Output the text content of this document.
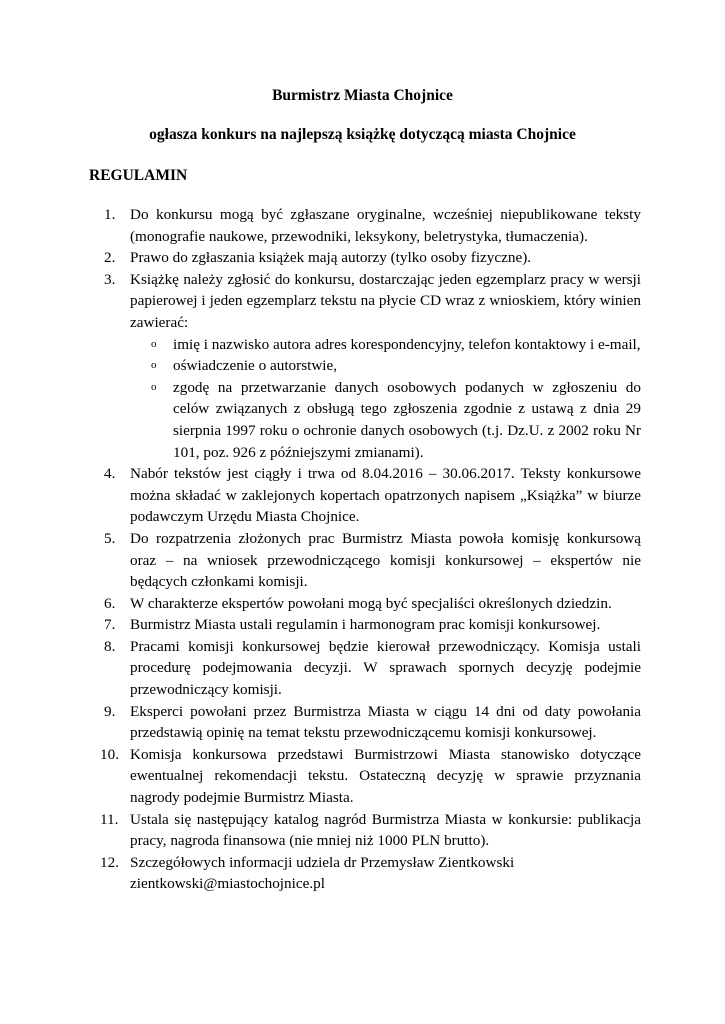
Burmistrz Miasta Chojnice
ogłasza konkurs na najlepszą książkę dotyczącą miasta Chojnice
REGULAMIN
1. Do konkursu mogą być zgłaszane oryginalne, wcześniej niepublikowane teksty (monografie naukowe, przewodniki, leksykony, beletrystyka, tłumaczenia).
2. Prawo do zgłaszania książek mają autorzy (tylko osoby fizyczne).
3. Książkę należy zgłosić do konkursu, dostarczając jeden egzemplarz pracy w wersji papierowej i jeden egzemplarz tekstu na płycie CD wraz z wnioskiem, który winien zawierać:
o imię i nazwisko autora adres korespondencyjny, telefon kontaktowy i e-mail,
o oświadczenie o autorstwie,
o zgodę na przetwarzanie danych osobowych podanych w zgłoszeniu do celów związanych z obsługą tego zgłoszenia zgodnie z ustawą z dnia 29 sierpnia 1997 roku o ochronie danych osobowych (t.j. Dz.U. z 2002 roku Nr 101, poz. 926 z późniejszymi zmianami).
4. Nabór tekstów jest ciągły i trwa od 8.04.2016 – 30.06.2017. Teksty konkursowe można składać w zaklejonych kopertach opatrzonych napisem „Książka” w biurze podawczym Urzędu Miasta Chojnice.
5. Do rozpatrzenia złożonych prac Burmistrz Miasta powoła komisję konkursową oraz – na wniosek przewodniczącego komisji konkursowej – ekspertów nie będących członkami komisji.
6. W charakterze ekspertów powołani mogą być specjaliści określonych dziedzin.
7. Burmistrz Miasta ustali regulamin i harmonogram prac komisji konkursowej.
8. Pracami komisji konkursowej będzie kierował przewodniczący. Komisja ustali procedurę podejmowania decyzji. W sprawach spornych decyzję podejmie przewodniczący komisji.
9. Eksperci powołani przez Burmistrza Miasta w ciągu 14 dni od daty powołania przedstawią opinię na temat tekstu przewodniczącemu komisji konkursowej.
10. Komisja konkursowa przedstawi Burmistrzowi Miasta stanowisko dotyczące ewentualnej rekomendacji tekstu. Ostateczną decyzję w sprawie przyznania nagrody podejmie Burmistrz Miasta.
11. Ustala się następujący katalog nagród Burmistrza Miasta w konkursie: publikacja pracy, nagroda finansowa (nie mniej niż 1000 PLN brutto).
12. Szczegółowych informacji udziela dr Przemysław Zientkowski
zientkowski@miastochojnice.pl
